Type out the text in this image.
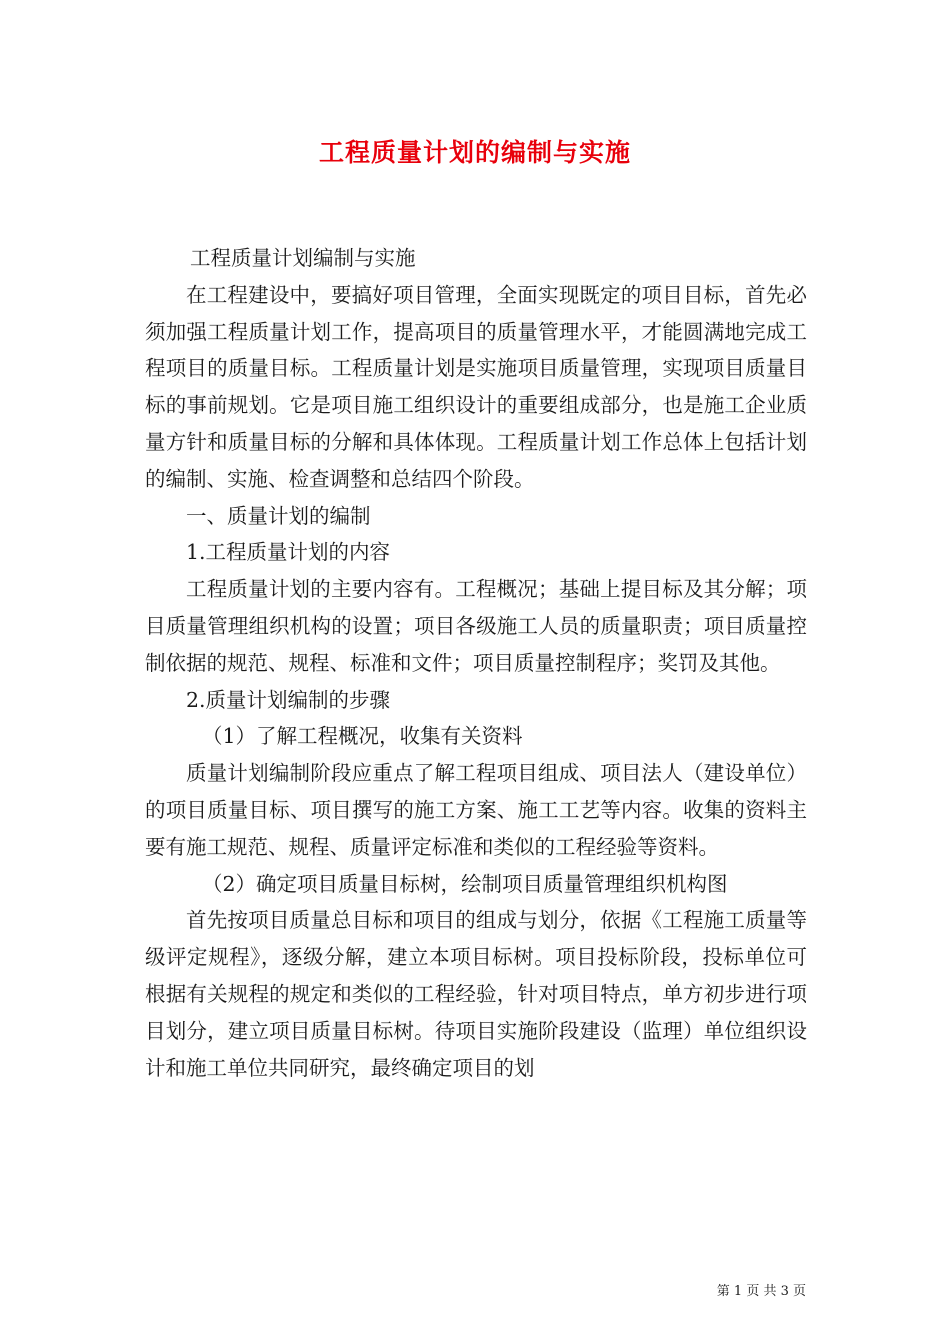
工程质量计划的编制与实施

工程质量计划编制与实施

在工程建设中，要搞好项目管理，全面实现既定的项目目标，首先必须加强工程质量计划工作，提高项目的质量管理水平，才能圆满地完成工程项目的质量目标。工程质量计划是实施项目质量管理，实现项目质量目标的事前规划。它是项目施工组织设计的重要组成部分，也是施工企业质量方针和质量目标的分解和具体体现。工程质量计划工作总体上包括计划的编制、实施、检查调整和总结四个阶段。

一、质量计划的编制

1.工程质量计划的内容

工程质量计划的主要内容有。工程概况；基础上提目标及其分解；项目质量管理组织机构的设置；项目各级施工人员的质量职责；项目质量控制依据的规范、规程、标准和文件；项目质量控制程序；奖罚及其他。

2.质量计划编制的步骤

（1）了解工程概况，收集有关资料

质量计划编制阶段应重点了解工程项目组成、项目法人（建设单位）的项目质量目标、项目撰写的施工方案、施工工艺等内容。收集的资料主要有施工规范、规程、质量评定标准和类似的工程经验等资料。

（2）确定项目质量目标树，绘制项目质量管理组织机构图

首先按项目质量总目标和项目的组成与划分，依据《工程施工质量等级评定规程》，逐级分解，建立本项目标树。项目投标阶段，投标单位可根据有关规程的规定和类似的工程经验，针对项目特点，单方初步进行项目划分，建立项目质量目标树。待项目实施阶段建设（监理）单位组织设计和施工单位共同研究，最终确定项目的划

第 1 页 共 3 页
